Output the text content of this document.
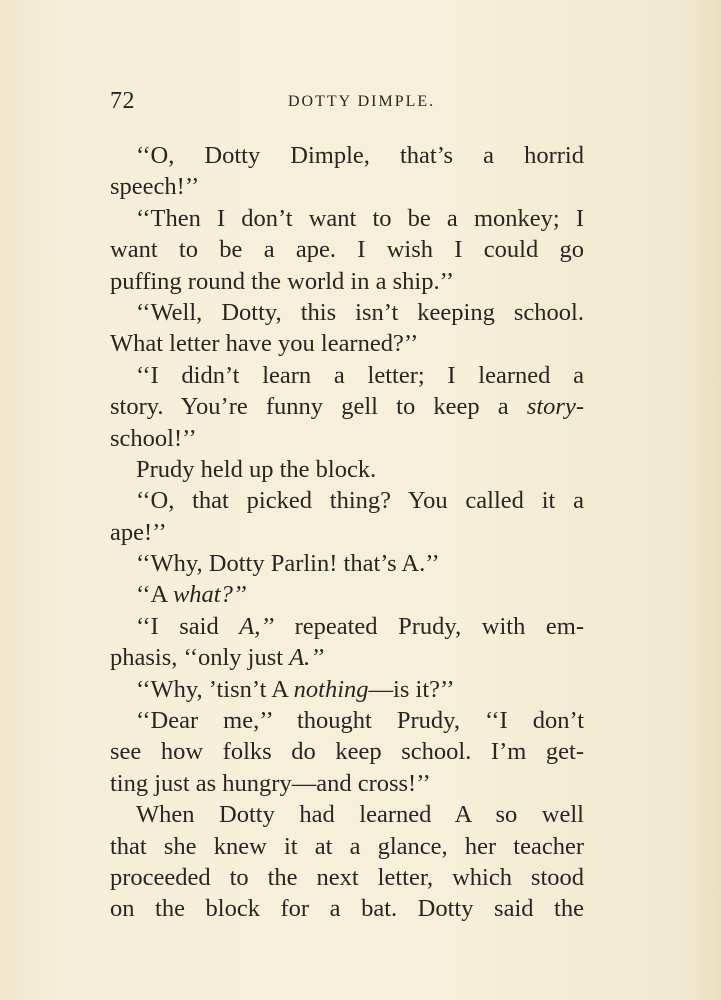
72	DOTTY DIMPLE.
‘‘O, Dotty Dimple, that’s a horrid
speech!’’
‘‘Then I don’t want to be a monkey; I
want to be a ape. I wish I could go
puffing round the world in a ship.’’
‘‘Well, Dotty, this isn’t keeping school.
What letter have you learned?’’
‘‘I didn’t learn a letter; I learned a
story. You’re funny gell to keep a story-
school!’’
Prudy held up the block.
‘‘O, that picked thing? You called it a
ape!’’
‘‘Why, Dotty Parlin! that’s A.’’
‘‘A what?’’
‘‘I said A,’’ repeated Prudy, with em-
phasis, ‘‘only just A.’’
‘‘Why, ’tisn’t A nothing—is it?’’
‘‘Dear me,’’ thought Prudy, ‘‘I don’t
see how folks do keep school. I’m get-
ting just as hungry—and cross!’’
When Dotty had learned A so well
that she knew it at a glance, her teacher
proceeded to the next letter, which stood
on the block for a bat. Dotty said the
